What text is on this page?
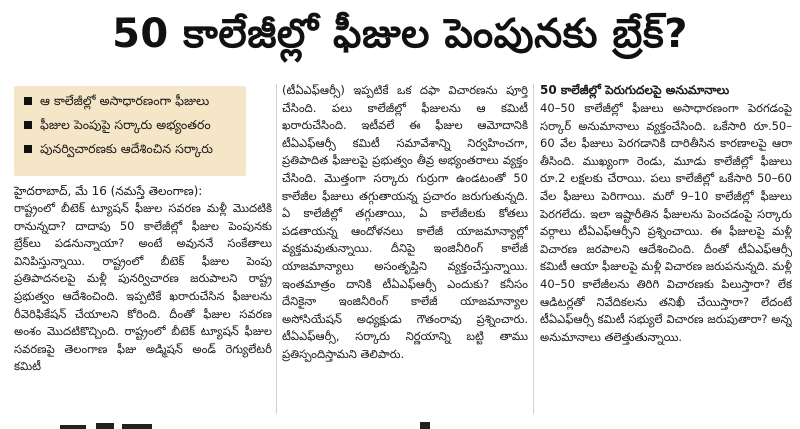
50 కాలేజీల్లో ఫీజుల పెంపునకు బ్రేక్?
ఆ కాలేజీల్లో అసాధారణంగా ఫీజులు
ఫీజుల పెంపుపై సర్కారు అభ్యంతరం
పునర్విచారణకు ఆదేశించిన సర్కారు
హైదరాబాద్, మే 16 (నమస్తే తెలంగాణ):

రాష్ట్రంలో బీటెక్ ట్యూషన్ ఫీజుల సవరణ మళ్లీ మొదటికి రానున్నదా? దాదాపు 50 కాలేజీల్లో ఫీజుల పెంపునకు బ్రేక్‌లు పడనున్నాయా? అంటే అవుననే సంకేతాలు వినిపిస్తున్నాయి. రాష్ట్రంలో బీటెక్ ఫీజుల పెంపు ప్రతిపాదనలపై మళ్లీ పునర్విచారణ జరుపాలని రాష్ట్ర ప్రభుత్వం ఆదేశించింది. ఇప్పటికే ఖరారుచేసిన ఫీజులను రీవెరిఫికేషన్ చేయాలని కోరింది. దీంతో ఫీజుల సవరణ అంశం మొదటికొచ్చింది. రాష్ట్రంలో బీటెక్ ట్యూషన్ ఫీజుల సవరణపై తెలంగాణ ఫీజు అడ్మిషన్ అండ్ రెగ్యులేటరీ కమిటీ

(టీఏఎఫ్ఆర్సీ) ఇప్పటికే ఒక దఫా విచారణను పూర్తి చేసింది. పలు కాలేజీల్లో ఫీజులను ఆ కమిటీ ఖరారుచేసింది. ఇటీవలే ఈ ఫీజుల ఆమోదానికి టీఏఎఫ్ఆర్సీ కమిటీ సమావేశాన్ని నిర్వహించగా, ప్రతిపాదిత ఫీజులపై ప్రభుత్వం తీవ్ర అభ్యంతరాలు వ్యక్తం చేసింది. మొత్తంగా సర్కారు గుర్రుగా ఉండటంతో 50 కాలేజీల ఫీజులు తగ్గుతాయన్న ప్రచారం జరుగుతున్నది. ఏ కాలేజీల్లో తగ్గుతాయి, ఏ కాలేజీలకు కోతలు పడతాయన్న ఆందోళనలు కాలేజీ యాజమాన్యాల్లో వ్యక్తమవుతున్నాయి. దీనిపై ఇంజినీరింగ్ కాలేజీ యాజమాన్యాలు అసంతృప్తిని వ్యక్తంచేస్తున్నాయి. ఇంతమాత్రం దానికి టీఏఎఫ్ఆర్సీ ఎందుకు? కనీసం దేనికైనా ఇంజినీరింగ్ కాలేజీ యాజమాన్యాల అసోసియేషన్ అధ్యక్షుడు గౌతంరావు ప్రశ్నించారు. టీఏఎఫ్ఆర్సీ, సర్కారు నిర్ణయాన్ని బట్టి తాము ప్రతిస్పందిస్తామని తెలిపారు.

50 కాలేజీల్లో పెరుగుదలపై అనుమానాలు

40–50 కాలేజీల్లో ఫీజులు అసాధారణంగా పెరగడంపై సర్కార్ అనుమానాలు వ్యక్తంచేసింది. ఒకేసారి రూ.50–60 వేల ఫీజులు పెరగడానికి దారితీసిన కారణాలపై ఆరా తీసింది. ముఖ్యంగా రెండు, మూడు కాలేజీల్లో ఫీజులు రూ.2 లక్షలకు చేరాయి. పలు కాలేజీల్లో ఒకేసారి 50–60 వేల ఫీజులు పెరిగాయి. మరో 9–10 కాలేజీల్లో ఫీజులు పెరగలేదు. ఇలా ఇష్టారీతిన ఫీజులను పెంచడంపై సర్కారు వర్గాలు టీఏఎఫ్ఆర్సీని ప్రశ్నించాయి. ఈ ఫీజులపై మళ్లీ విచారణ జరపాలని ఆదేశించింది. దీంతో టీఏఎఫ్ఆర్సీ కమిటీ ఆయా ఫీజులపై మళ్లీ విచారణ జరుపనున్నది. మళ్లీ 40–50 కాలేజీలను తిరిగి విచారణకు పిలుస్తారా? లేక ఆడిటర్లతో నివేదికలను తనిఖీ చేయిస్తారా? లేదంటే టీఏఎఫ్ఆర్సీ కమిటీ సభ్యులే విచారణ జరుపుతారా? అన్న అనుమానాలు తలెత్తుతున్నాయి.
